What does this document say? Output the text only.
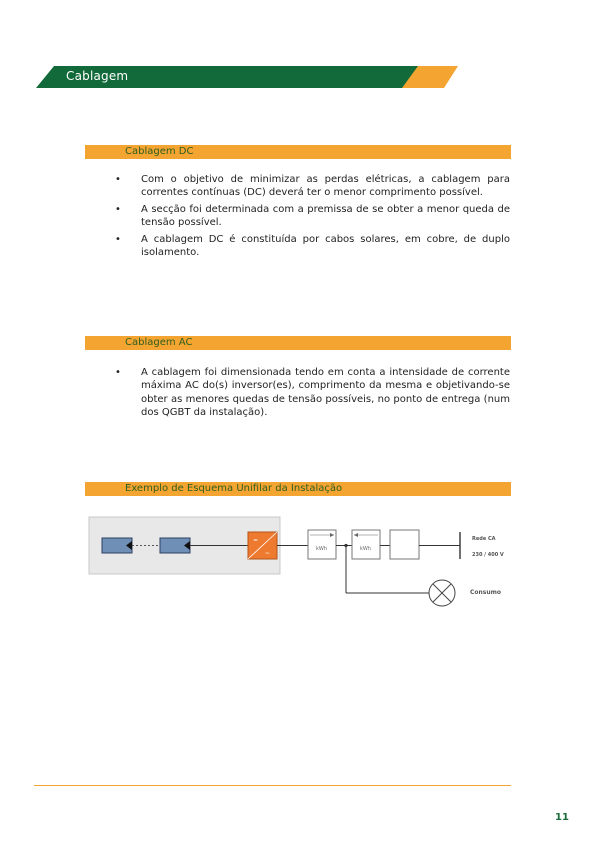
Cablagem
Cablagem DC
• Com o objetivo de minimizar as perdas elétricas, a cablagem para correntes contínuas (DC) deverá ter o menor comprimento possível.
• A secção foi determinada com a premissa de se obter a menor queda de tensão possível.
• A cablagem DC é constituída por cabos solares, em cobre, de duplo isolamento.
Cablagem AC
• A cablagem foi dimensionada tendo em conta a intensidade de corrente máxima AC do(s) inversor(es), comprimento da mesma e objetivando-se obter as menores quedas de tensão possíveis, no ponto de entrega (num dos QGBT da instalação).
Exemplo de Esquema Unifilar da Instalação
=
~
kWh	kWh
Rede CA
230 / 400 V
Consumo
11
